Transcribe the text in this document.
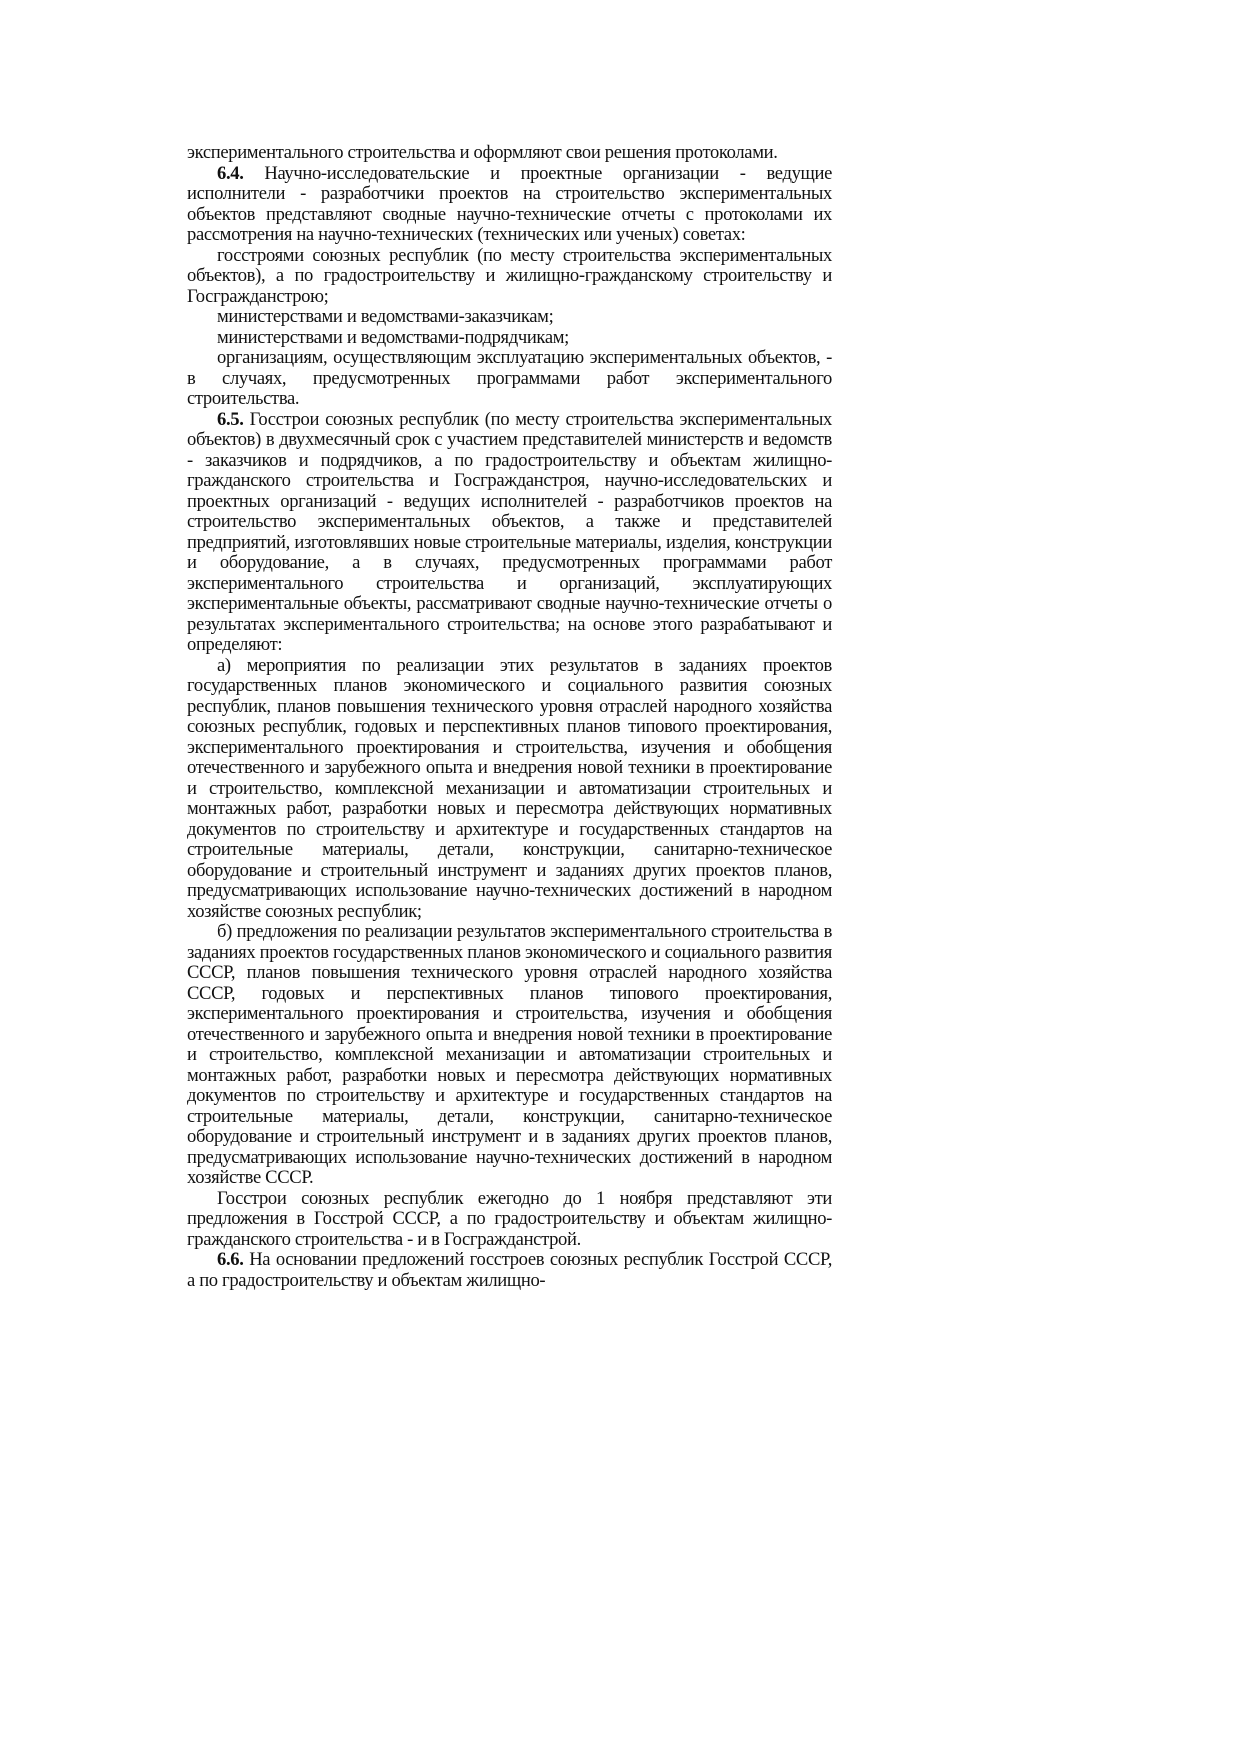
экспериментального строительства и оформляют свои решения протоколами.

6.4. Научно-исследовательские и проектные организации - ведущие исполнители - разработчики проектов на строительство экспериментальных объектов представляют сводные научно-технические отчеты с протоколами их рассмотрения на научно-технических (технических или ученых) советах:

госстроями союзных республик (по месту строительства экспериментальных объектов), а по градостроительству и жилищно-гражданскому строительству и Госгражданстрою;

министерствами и ведомствами-заказчикам;

министерствами и ведомствами-подрядчикам;

организациям, осуществляющим эксплуатацию экспериментальных объектов, - в случаях, предусмотренных программами работ экспериментального строительства.

6.5. Госстрои союзных республик (по месту строительства экспериментальных объектов) в двухмесячный срок с участием представителей министерств и ведомств - заказчиков и подрядчиков, а по градостроительству и объектам жилищно-гражданского строительства и Госгражданстроя, научно-исследовательских и проектных организаций - ведущих исполнителей - разработчиков проектов на строительство экспериментальных объектов, а также и представителей предприятий, изготовлявших новые строительные материалы, изделия, конструкции и оборудование, а в случаях, предусмотренных программами работ экспериментального строительства и организаций, эксплуатирующих экспериментальные объекты, рассматривают сводные научно-технические отчеты о результатах экспериментального строительства; на основе этого разрабатывают и определяют:

а) мероприятия по реализации этих результатов в заданиях проектов государственных планов экономического и социального развития союзных республик, планов повышения технического уровня отраслей народного хозяйства союзных республик, годовых и перспективных планов типового проектирования, экспериментального проектирования и строительства, изучения и обобщения отечественного и зарубежного опыта и внедрения новой техники в проектирование и строительство, комплексной механизации и автоматизации строительных и монтажных работ, разработки новых и пересмотра действующих нормативных документов по строительству и архитектуре и государственных стандартов на строительные материалы, детали, конструкции, санитарно-техническое оборудование и строительный инструмент и заданиях других проектов планов, предусматривающих использование научно-технических достижений в народном хозяйстве союзных республик;

б) предложения по реализации результатов экспериментального строительства в заданиях проектов государственных планов экономического и социального развития СССР, планов повышения технического уровня отраслей народного хозяйства СССР, годовых и перспективных планов типового проектирования, экспериментального проектирования и строительства, изучения и обобщения отечественного и зарубежного опыта и внедрения новой техники в проектирование и строительство, комплексной механизации и автоматизации строительных и монтажных работ, разработки новых и пересмотра действующих нормативных документов по строительству и архитектуре и государственных стандартов на строительные материалы, детали, конструкции, санитарно-техническое оборудование и строительный инструмент и в заданиях других проектов планов, предусматривающих использование научно-технических достижений в народном хозяйстве СССР.

Госстрои союзных республик ежегодно до 1 ноября представляют эти предложения в Госстрой СССР, а по градостроительству и объектам жилищно-гражданского строительства - и в Госгражданстрой.

6.6. На основании предложений госстроев союзных республик Госстрой СССР, а по градостроительству и объектам жилищно-
